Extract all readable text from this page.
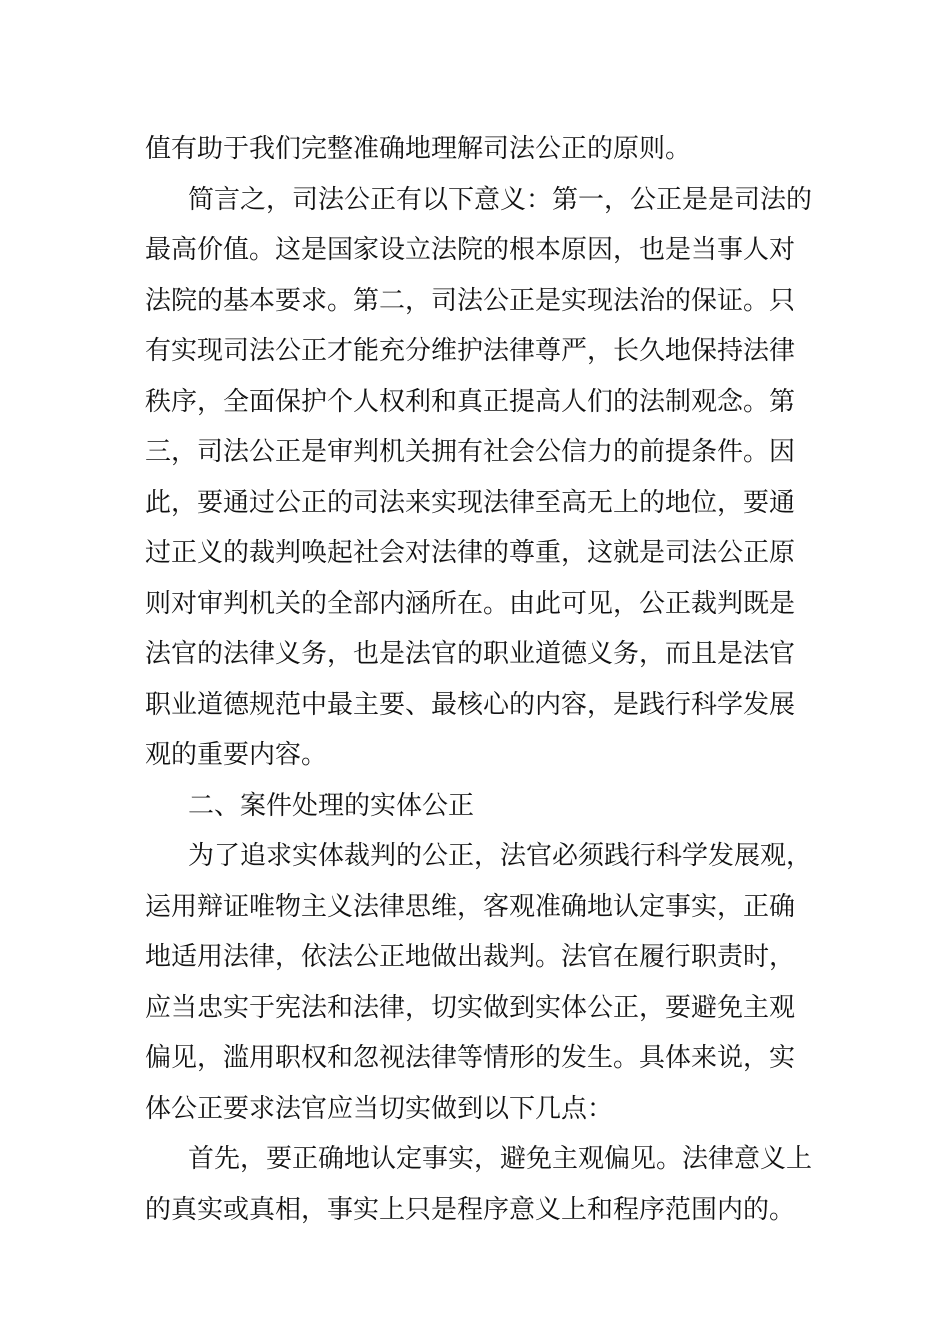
值有助于我们完整准确地理解司法公正的原则。
简言之，司法公正有以下意义：第一，公正是是司法的
最高价值。这是国家设立法院的根本原因，也是当事人对
法院的基本要求。第二，司法公正是实现法治的保证。只
有实现司法公正才能充分维护法律尊严，长久地保持法律
秩序，全面保护个人权利和真正提高人们的法制观念。第
三，司法公正是审判机关拥有社会公信力的前提条件。因
此，要通过公正的司法来实现法律至高无上的地位，要通
过正义的裁判唤起社会对法律的尊重，这就是司法公正原
则对审判机关的全部内涵所在。由此可见，公正裁判既是
法官的法律义务，也是法官的职业道德义务，而且是法官
职业道德规范中最主要、最核心的内容，是践行科学发展
观的重要内容。
二、案件处理的实体公正
为了追求实体裁判的公正，法官必须践行科学发展观，
运用辩证唯物主义法律思维，客观准确地认定事实，正确
地适用法律，依法公正地做出裁判。法官在履行职责时，
应当忠实于宪法和法律，切实做到实体公正，要避免主观
偏见，滥用职权和忽视法律等情形的发生。具体来说，实
体公正要求法官应当切实做到以下几点：
首先，要正确地认定事实，避免主观偏见。法律意义上
的真实或真相，事实上只是程序意义上和程序范围内的。
